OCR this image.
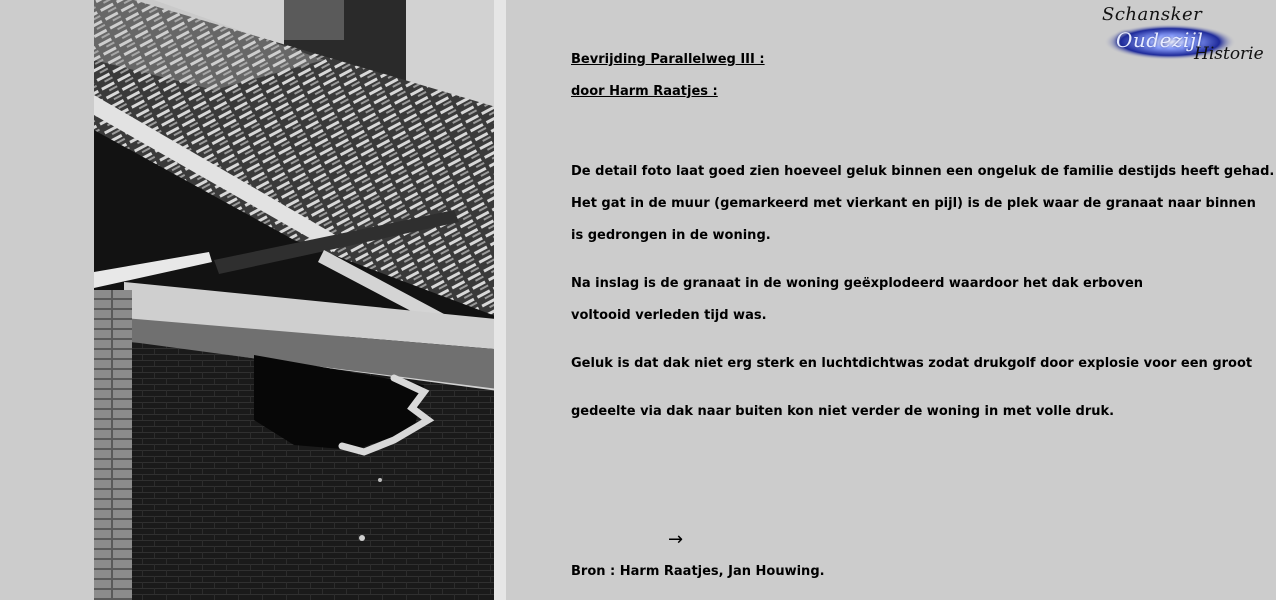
Schansker
Oudezijl
Historie
Bevrijding Parallelweg III :
door Harm Raatjes :
De detail foto laat goed zien hoeveel geluk binnen een ongeluk de familie destijds heeft gehad.
Het gat in de muur (gemarkeerd met vierkant en pijl) is de plek waar de granaat naar binnen
is gedrongen in de woning.
Na inslag is de granaat in de woning geëxplodeerd waardoor het dak erboven
voltooid verleden tijd was.
Geluk is dat dak niet erg sterk en luchtdichtwas zodat drukgolf door explosie voor een groot
gedeelte via dak naar buiten kon niet verder de woning in met volle druk.
Bron : Harm Raatjes, Jan Houwing.
→
